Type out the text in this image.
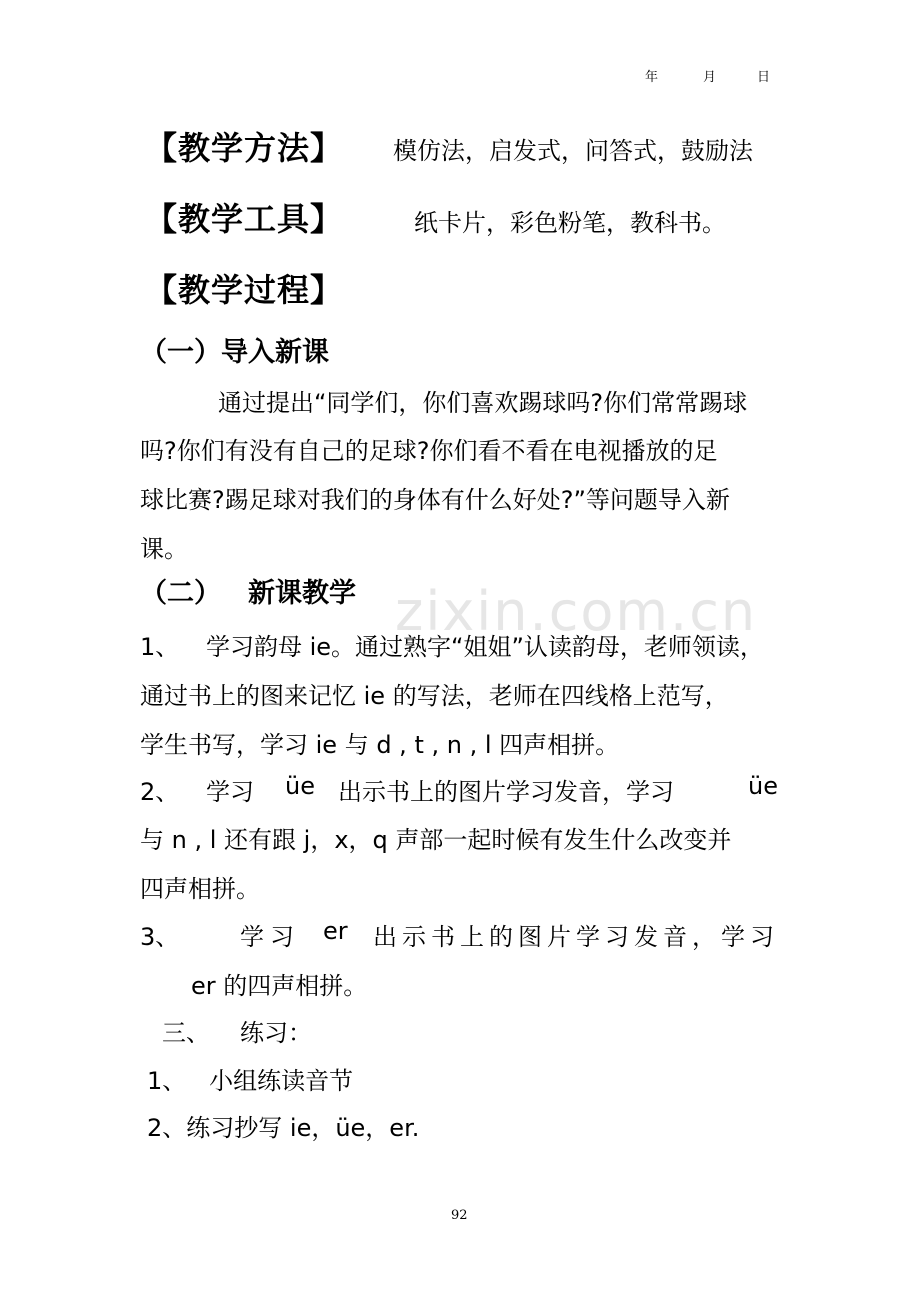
年	月	日
zixin.com.cn
【教学方法】 模仿法，启发式，问答式，鼓励法
【教学工具】	纸卡片，彩色粉笔，教科书。
【教学过程】
（一）导入新课
通过提出“同学们，你们喜欢踢球吗?你们常常踢球
吗?你们有没有自己的足球?你们看不看在电视播放的足
球比赛?踢足球对我们的身体有什么好处?”等问题导入新
课。
（二） 新课教学
1、 学习韵母 ie。通过熟字“姐姐”认读韵母，老师领读，
通过书上的图来记忆 ie 的写法，老师在四线格上范写，
学生书写，学习 ie 与 d , t , n , l 四声相拼。
2、 学习 üe 出示书上的图片学习发音，学习	üe
与 n , l 还有跟 j，x，q 声部一起时候有发生什么改变并
四声相拼。
3、	学习 er 出示书上的图片学习发音，学习
er 的四声相拼。
三、 练习：
1、   小组练读音节
2、练习抄写 ie，üe，er.
92
